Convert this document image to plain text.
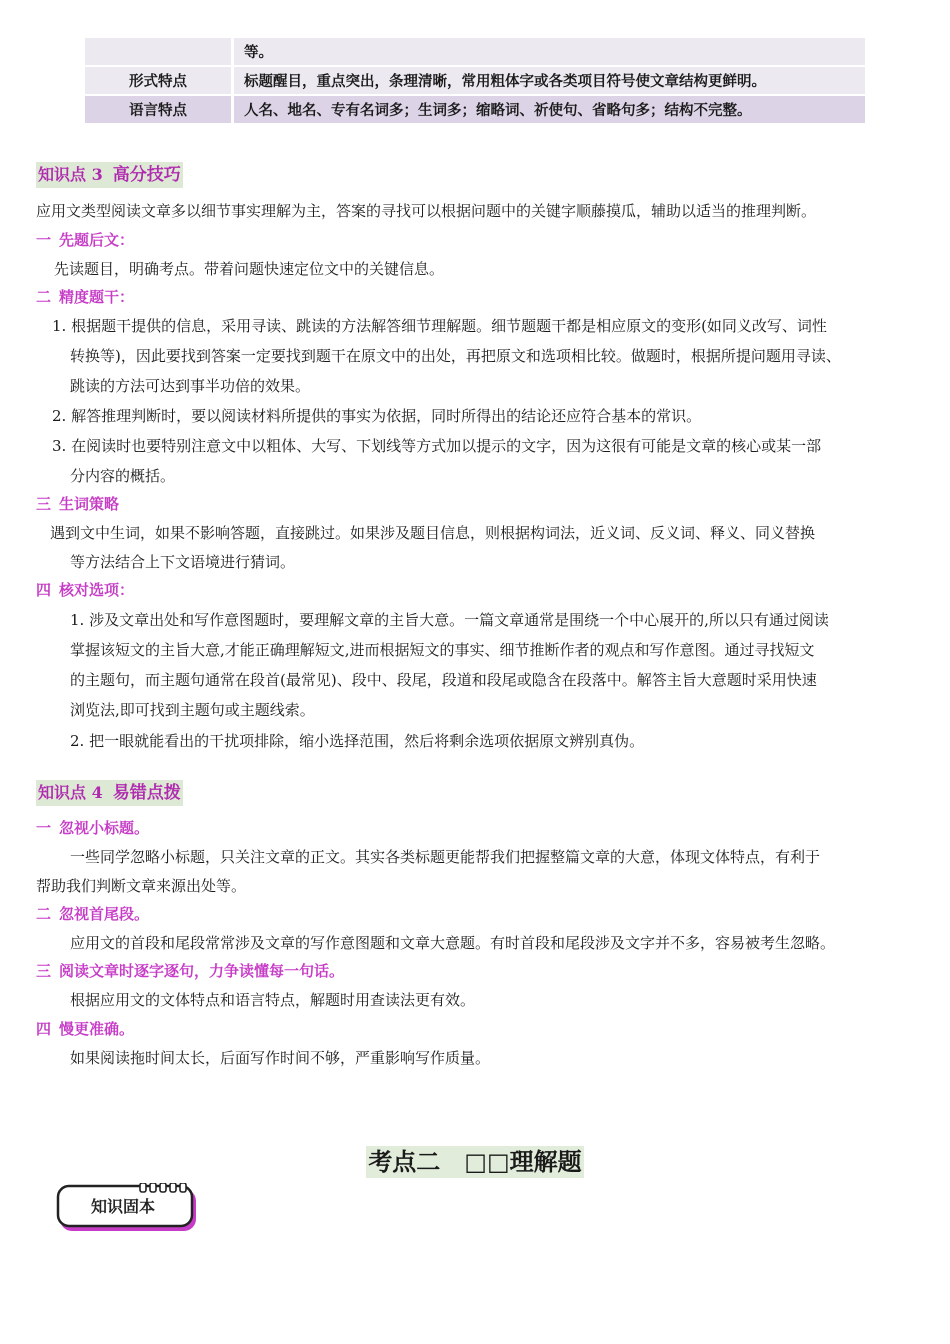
	等。
形式特点	标题醒目，重点突出，条理清晰，常用粗体字或各类项目符号使文章结构更鲜明。
语言特点	人名、地名、专有名词多；生词多；缩略词、祈使句、省略句多；结构不完整。
知识点 3 高分技巧
应用文类型阅读文章多以细节事实理解为主，答案的寻找可以根据问题中的关键字顺藤摸瓜，辅助以适当的推理判断。
一 先题后文：
先读题目，明确考点。带着问题快速定位文中的关键信息。
二 精度题干：
1. 根据题干提供的信息，采用寻读、跳读的方法解答细节理解题。细节题题干都是相应原文的变形(如同义改写、词性
转换等)，因此要找到答案一定要找到题干在原文中的出处，再把原文和选项相比较。做题时，根据所提问题用寻读、
跳读的方法可达到事半功倍的效果。
2. 解答推理判断时，要以阅读材料所提供的事实为依据，同时所得出的结论还应符合基本的常识。
3. 在阅读时也要特别注意文中以粗体、大写、下划线等方式加以提示的文字，因为这很有可能是文章的核心或某一部
分内容的概括。
三 生词策略
遇到文中生词，如果不影响答题，直接跳过。如果涉及题目信息，则根据构词法，近义词、反义词、释义、同义替换
等方法结合上下文语境进行猜词。
四 核对选项：
1. 涉及文章出处和写作意图题时，要理解文章的主旨大意。一篇文章通常是围绕一个中心展开的,所以只有通过阅读
掌握该短文的主旨大意,才能正确理解短文,进而根据短文的事实、细节推断作者的观点和写作意图。通过寻找短文
的主题句，而主题句通常在段首(最常见)、段中、段尾，段道和段尾或隐含在段落中。解答主旨大意题时采用快速
浏览法,即可找到主题句或主题线索。
2. 把一眼就能看出的干扰项排除，缩小选择范围，然后将剩余选项依据原文辨别真伪。
知识点 4 易错点拨
一 忽视小标题。
一些同学忽略小标题，只关注文章的正文。其实各类标题更能帮我们把握整篇文章的大意，体现文体特点，有利于
帮助我们判断文章来源出处等。
二 忽视首尾段。
应用文的首段和尾段常常涉及文章的写作意图题和文章大意题。有时首段和尾段涉及文字并不多，容易被考生忽略。
三 阅读文章时逐字逐句，力争读懂每一句话。
根据应用文的文体特点和语言特点，解题时用查读法更有效。
四 慢更准确。
如果阅读拖时间太长，后面写作时间不够，严重影响写作质量。
考点二　□□理解题
知识固本
